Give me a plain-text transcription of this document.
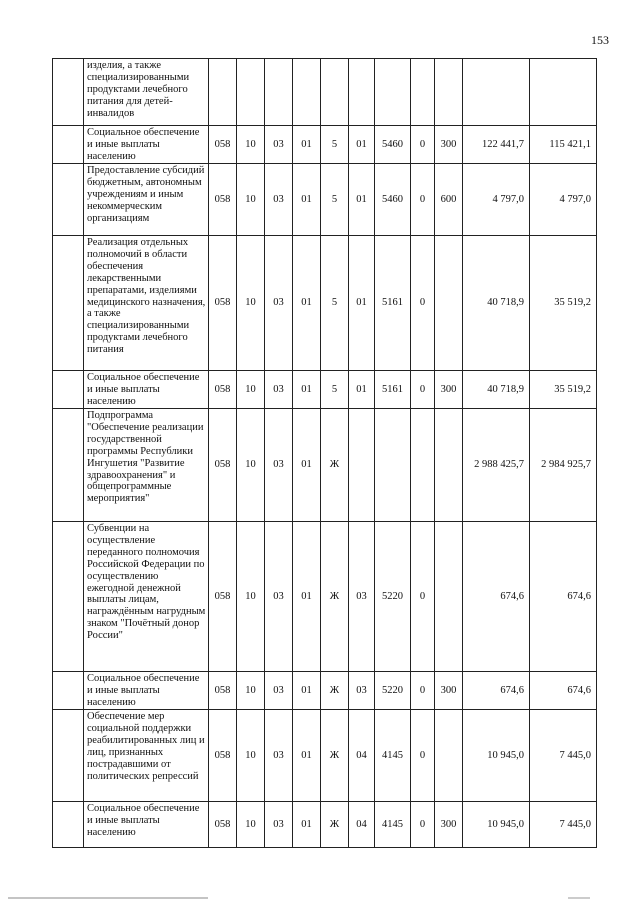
153
	изделия, а также специализированными продуктами лечебного питания для детей-инвалидов											
	Социальное обеспечение и иные выплаты населению	058	10	03	01	5	01	5460	0	300	122 441,7	115 421,1
	Предоставление субсидий бюджетным, автономным учреждениям и иным некоммерческим организациям	058	10	03	01	5	01	5460	0	600	4 797,0	4 797,0
	Реализация отдельных полномочий в области обеспечения лекарственными препаратами, изделиями медицинского назначения, а также специализированными продуктами лечебного питания	058	10	03	01	5	01	5161	0		40 718,9	35 519,2
	Социальное обеспечение и иные выплаты населению	058	10	03	01	5	01	5161	0	300	40 718,9	35 519,2
	Подпрограмма "Обеспечение реализации государственной программы Республики Ингушетия "Развитие здравоохранения" и общепрограммные мероприятия"	058	10	03	01	Ж					2 988 425,7	2 984 925,7
	Субвенции на осуществление переданного полномочия Российской Федерации по осуществлению ежегодной денежной выплаты лицам, награждённым нагрудным знаком "Почётный донор России"	058	10	03	01	Ж	03	5220	0		674,6	674,6
	Социальное обеспечение и иные выплаты населению	058	10	03	01	Ж	03	5220	0	300	674,6	674,6
	Обеспечение мер социальной поддержки реабилитированных лиц и лиц, признанных пострадавшими от политических репрессий	058	10	03	01	Ж	04	4145	0		10 945,0	7 445,0
	Социальное обеспечение и иные выплаты населению	058	10	03	01	Ж	04	4145	0	300	10 945,0	7 445,0
